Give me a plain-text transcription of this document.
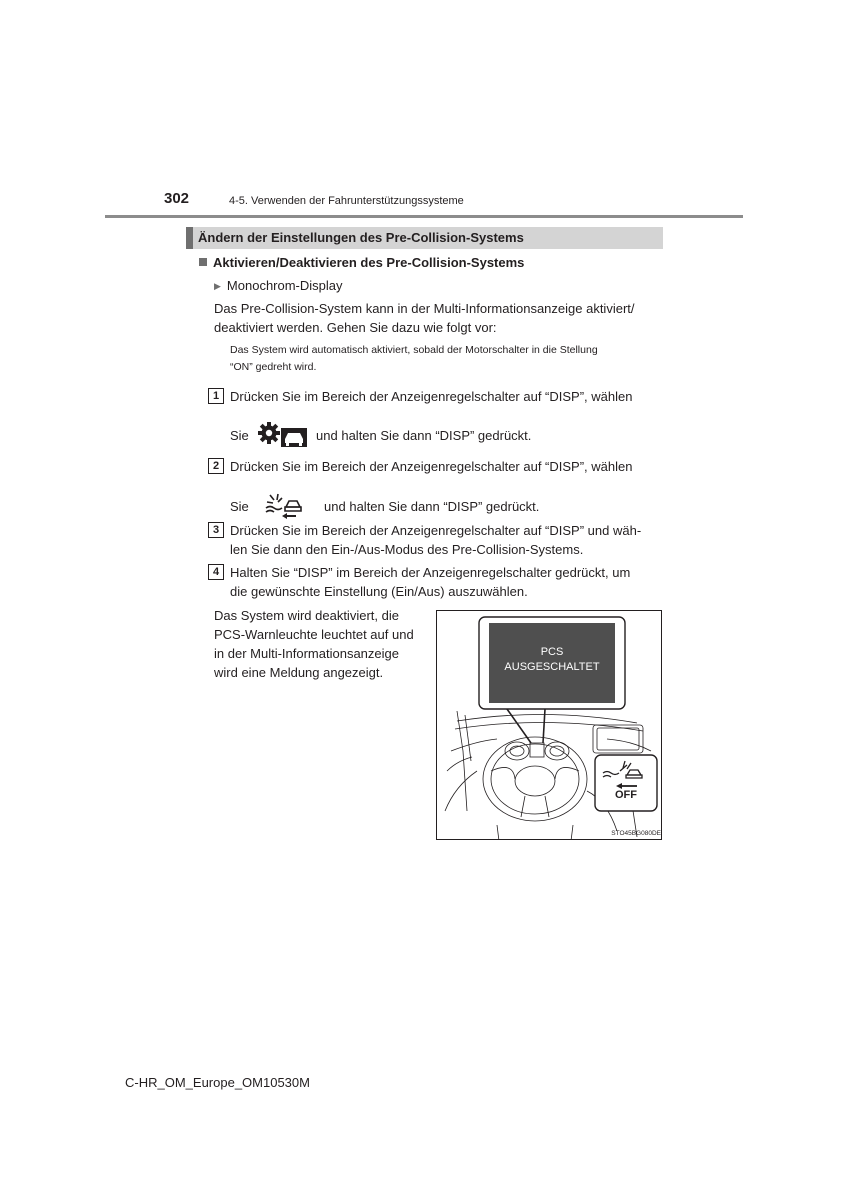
302	4-5. Verwenden der Fahrunterstützungssysteme
Ändern der Einstellungen des Pre-Collision-Systems
Aktivieren/Deaktivieren des Pre-Collision-Systems
▶ Monochrom-Display
Das Pre-Collision-System kann in der Multi-Informationsanzeige aktiviert/
deaktiviert werden. Gehen Sie dazu wie folgt vor:
Das System wird automatisch aktiviert, sobald der Motorschalter in die Stellung
“ON” gedreht wird.
1 Drücken Sie im Bereich der Anzeigenregelschalter auf “DISP”, wählen
Sie	und halten Sie dann “DISP” gedrückt.
2 Drücken Sie im Bereich der Anzeigenregelschalter auf “DISP”, wählen
Sie	und halten Sie dann “DISP” gedrückt.
3 Drücken Sie im Bereich der Anzeigenregelschalter auf “DISP” und wäh-
len Sie dann den Ein-/Aus-Modus des Pre-Collision-Systems.
4 Halten Sie “DISP” im Bereich der Anzeigenregelschalter gedrückt, um
die gewünschte Einstellung (Ein/Aus) auszuwählen.
Das System wird deaktiviert, die
PCS-Warnleuchte leuchtet auf und
in der Multi-Informationsanzeige
wird eine Meldung angezeigt.
PCS
AUSGESCHALTET
OFF
STO45BG080DE
C-HR_OM_Europe_OM10530M
